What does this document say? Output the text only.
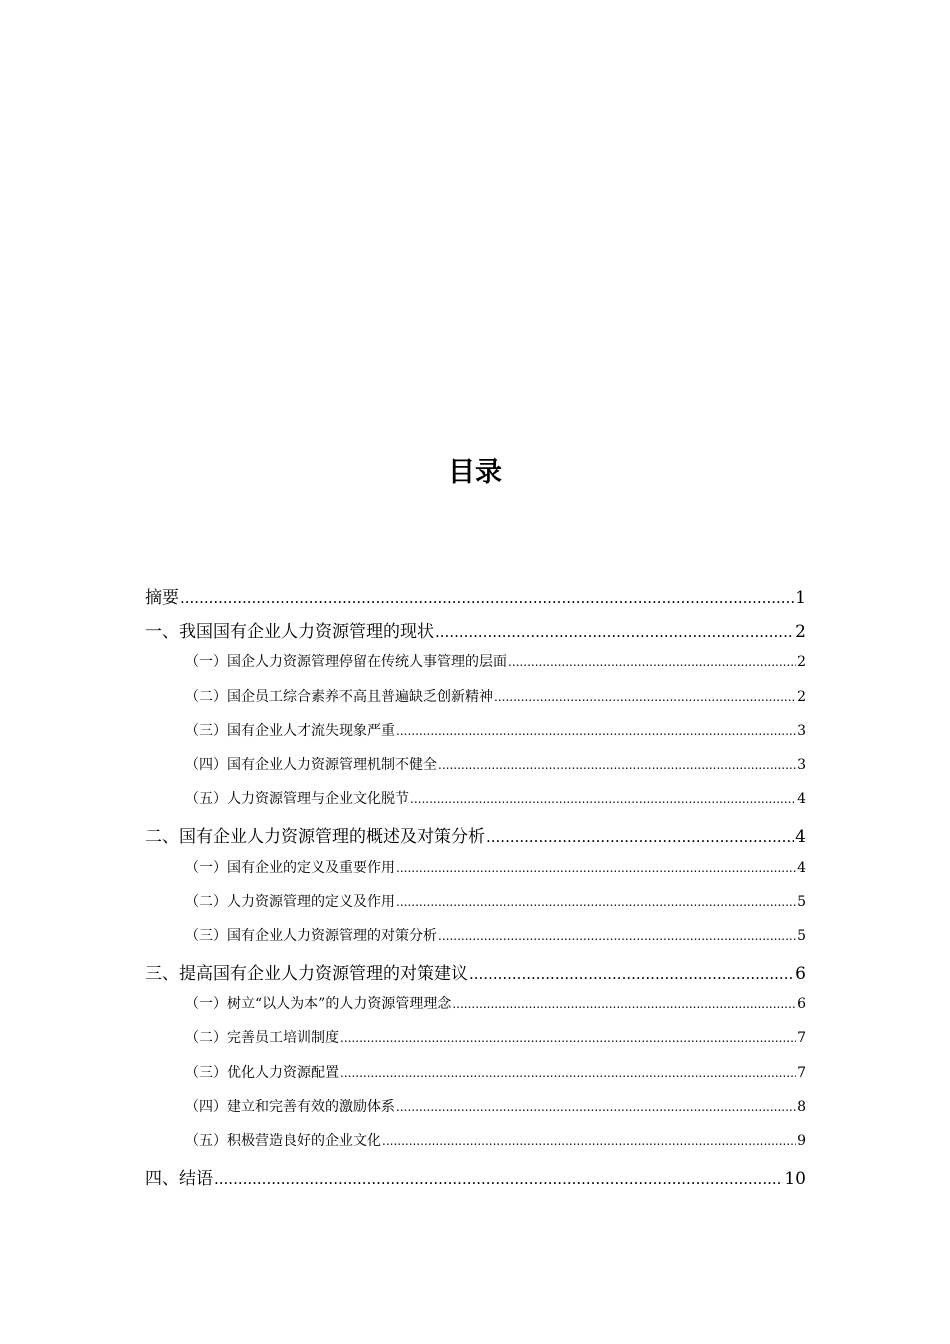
目录
摘要 .....	1
一、我国国有企业人力资源管理的现状 .....	2
（一）国企人力资源管理停留在传统人事管理的层面 .....	2
（二）国企员工综合素养不高且普遍缺乏创新精神 .....	2
（三）国有企业人才流失现象严重 .....	3
（四）国有企业人力资源管理机制不健全 .....	3
（五）人力资源管理与企业文化脱节 .....	4
二、国有企业人力资源管理的概述及对策分析 .....	4
（一）国有企业的定义及重要作用 .....	4
（二）人力资源管理的定义及作用 .....	5
（三）国有企业人力资源管理的对策分析 .....	5
三、提高国有企业人力资源管理的对策建议 .....	6
（一）树立“以人为本”的人力资源管理理念 .....	6
（二）完善员工培训制度 .....	7
（三）优化人力资源配置 .....	7
（四）建立和完善有效的激励体系 .....	8
（五）积极营造良好的企业文化 .....	9
四、结语 .....	10
